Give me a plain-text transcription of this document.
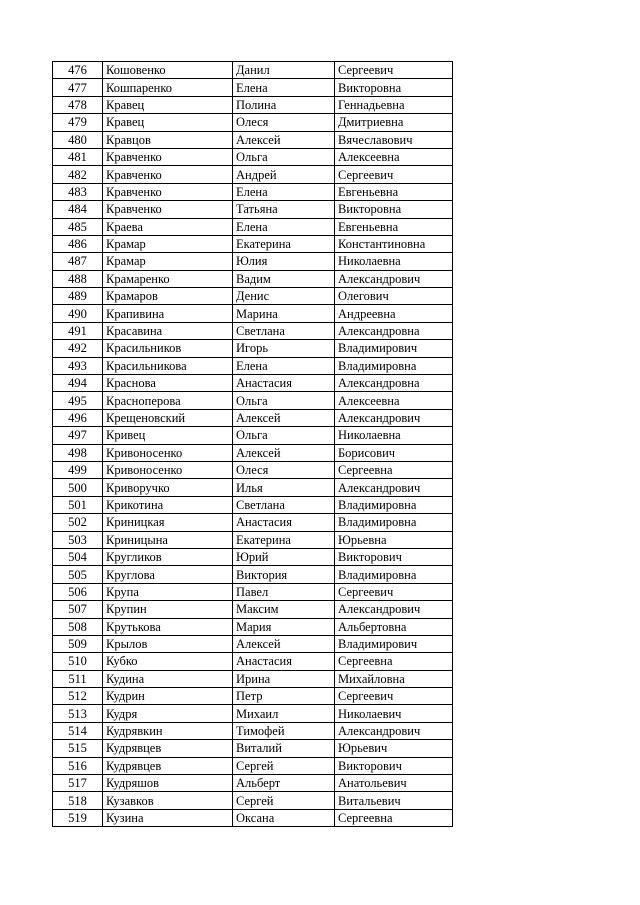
476	Кошовенко	Данил	Сергеевич
477	Кошпаренко	Елена	Викторовна
478	Кравец	Полина	Геннадьевна
479	Кравец	Олеся	Дмитриевна
480	Кравцов	Алексей	Вячеславович
481	Кравченко	Ольга	Алексеевна
482	Кравченко	Андрей	Сергеевич
483	Кравченко	Елена	Евгеньевна
484	Кравченко	Татьяна	Викторовна
485	Краева	Елена	Евгеньевна
486	Крамар	Екатерина	Константиновна
487	Крамар	Юлия	Николаевна
488	Крамаренко	Вадим	Александрович
489	Крамаров	Денис	Олегович
490	Крапивина	Марина	Андреевна
491	Красавина	Светлана	Александровна
492	Красильников	Игорь	Владимирович
493	Красильникова	Елена	Владимировна
494	Краснова	Анастасия	Александровна
495	Красноперова	Ольга	Алексеевна
496	Крещеновский	Алексей	Александрович
497	Кривец	Ольга	Николаевна
498	Кривоносенко	Алексей	Борисович
499	Кривоносенко	Олеся	Сергеевна
500	Криворучко	Илья	Александрович
501	Крикотина	Светлана	Владимировна
502	Криницкая	Анастасия	Владимировна
503	Криницына	Екатерина	Юрьевна
504	Кругликов	Юрий	Викторович
505	Круглова	Виктория	Владимировна
506	Крупа	Павел	Сергеевич
507	Крупин	Максим	Александрович
508	Крутькова	Мария	Альбертовна
509	Крылов	Алексей	Владимирович
510	Кубко	Анастасия	Сергеевна
511	Кудина	Ирина	Михайловна
512	Кудрин	Петр	Сергеевич
513	Кудря	Михаил	Николаевич
514	Кудрявкин	Тимофей	Александрович
515	Кудрявцев	Виталий	Юрьевич
516	Кудрявцев	Сергей	Викторович
517	Кудряшов	Альберт	Анатольевич
518	Кузавков	Сергей	Витальевич
519	Кузина	Оксана	Сергеевна
